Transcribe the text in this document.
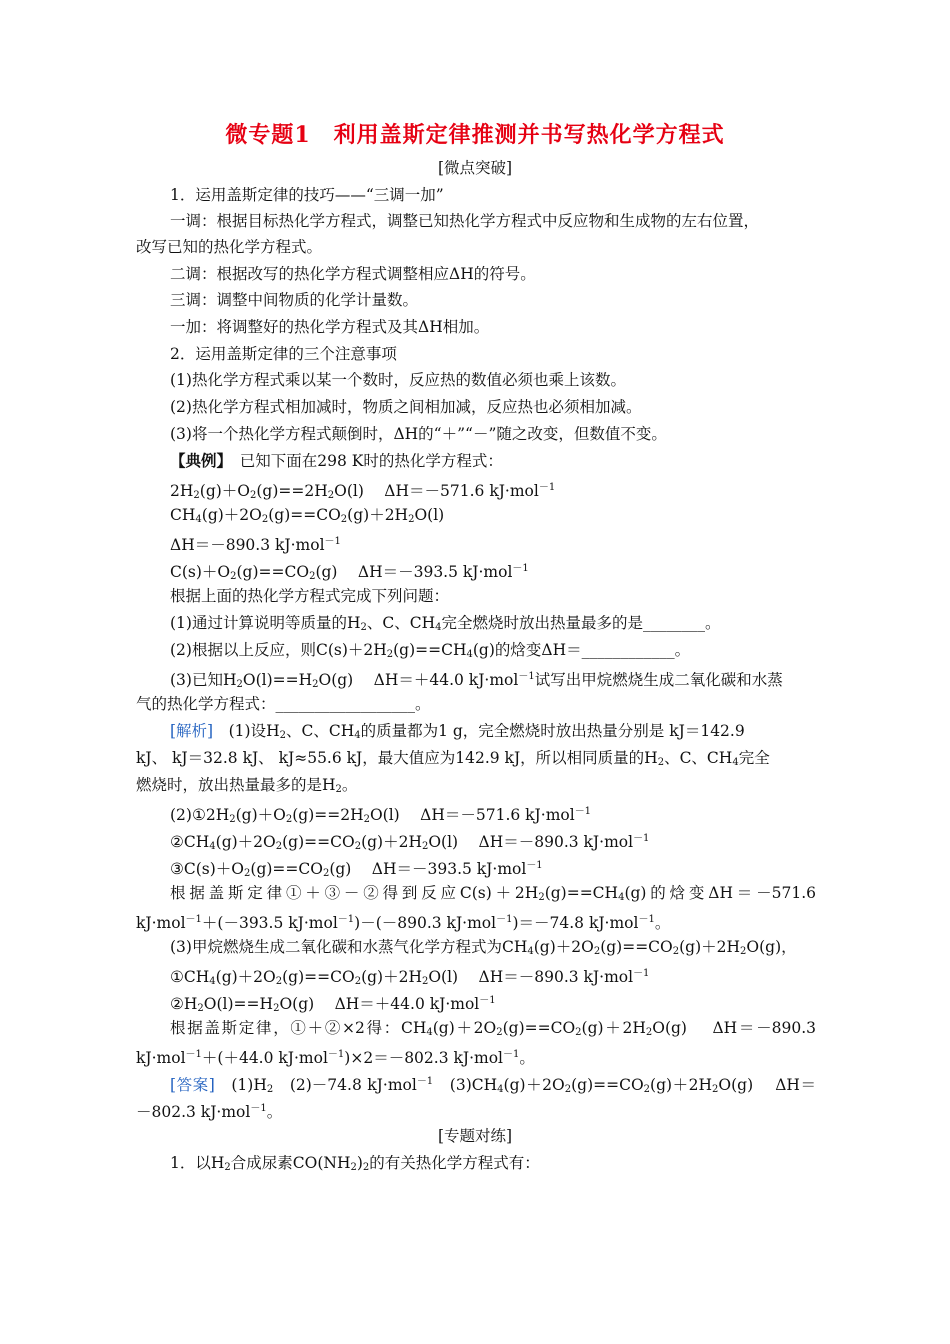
微专题1　利用盖斯定律推测并书写热化学方程式
[微点突破]
1．运用盖斯定律的技巧——“三调一加”
一调：根据目标热化学方程式，调整已知热化学方程式中反应物和生成物的左右位置，
改写已知的热化学方程式。
二调：根据改写的热化学方程式调整相应ΔH的符号。
三调：调整中间物质的化学计量数。
一加：将调整好的热化学方程式及其ΔH相加。
2．运用盖斯定律的三个注意事项
(1)热化学方程式乘以某一个数时，反应热的数值必须也乘上该数。
(2)热化学方程式相加减时，物质之间相加减，反应热也必须相加减。
(3)将一个热化学方程式颠倒时，ΔH的“＋”“－”随之改变，但数值不变。
【典例】　已知下面在298 K时的热化学方程式：
$2H_2(g)+O_2(g)==2H_2O(l)$　 ΔH＝－571.6 kJ·mol$^{-1}$
$CH_4(g)+2O_2(g)==CO_2(g)+2H_2O(l)$
ΔH＝－890.3 kJ·mol$^{-1}$
$C(s)+O_2(g)==CO_2(g)$　 ΔH＝－393.5 kJ·mol$^{-1}$
根据上面的热化学方程式完成下列问题：
(1)通过计算说明等质量的$H_2$、C、$CH_4$完全燃烧时放出热量最多的是________。
(2)根据以上反应，则$C(s)+2H_2(g)==CH_4(g)$的焓变ΔH＝____________。
(3)已知$H_2O(l)==H_2O(g)$　 ΔH＝＋44.0 kJ·mol$^{-1}$试写出甲烷燃烧生成二氧化碳和水蒸
气的热化学方程式：__________________。
[解析]　(1)设$H_2$、C、$CH_4$的质量都为1 g，完全燃烧时放出热量分别是 kJ＝142.9
kJ、 kJ＝32.8 kJ、 kJ≈55.6 kJ，最大值应为142.9 kJ，所以相同质量的$H_2$、C、$CH_4$完全
燃烧时，放出热量最多的是$H_2$。
$(2)①2H_2(g)+O_2(g)==2H_2O(l)$　 ΔH＝－571.6 kJ·mol$^{-1}$
$②CH_4(g)+2O_2(g)==CO_2(g)+2H_2O(l)$　 ΔH＝－890.3 kJ·mol$^{-1}$
$③C(s)+O_2(g)==CO_2(g)$　 ΔH＝－393.5 kJ·mol$^{-1}$
根据盖斯定律①＋③－②得到反应$C(s)+2H_2(g)==CH_4(g)$的焓变ΔH＝－571.6
kJ·mol$^{-1}$＋(－393.5 kJ·mol$^{-1}$)－(－890.3 kJ·mol$^{-1}$)＝－74.8 kJ·mol$^{-1}$。
(3)甲烷燃烧生成二氧化碳和水蒸气化学方程式为$CH_4(g)+2O_2(g)==CO_2(g)+2H_2O(g)$，
$①CH_4(g)+2O_2(g)==CO_2(g)+2H_2O(l)$　 ΔH＝－890.3 kJ·mol$^{-1}$
$②H_2O(l)==H_2O(g)$　 ΔH＝＋44.0 kJ·mol$^{-1}$
根据盖斯定律，①＋②×2得：$CH_4(g)+2O_2(g)==CO_2(g)+2H_2O(g)$　 ΔH＝－890.3
kJ·mol$^{-1}$＋(＋44.0 kJ·mol$^{-1}$)×2＝－802.3 kJ·mol$^{-1}$。
[答案]　$(1)H_2$　(2)－74.8 kJ·mol$^{-1}$　$(3)CH_4(g)+2O_2(g)==CO_2(g)+2H_2O(g)$　 ΔH＝
－802.3 kJ·mol$^{-1}$。
[专题对练]
1．以$H_2$合成尿素$CO(NH_2)_2$的有关热化学方程式有：
